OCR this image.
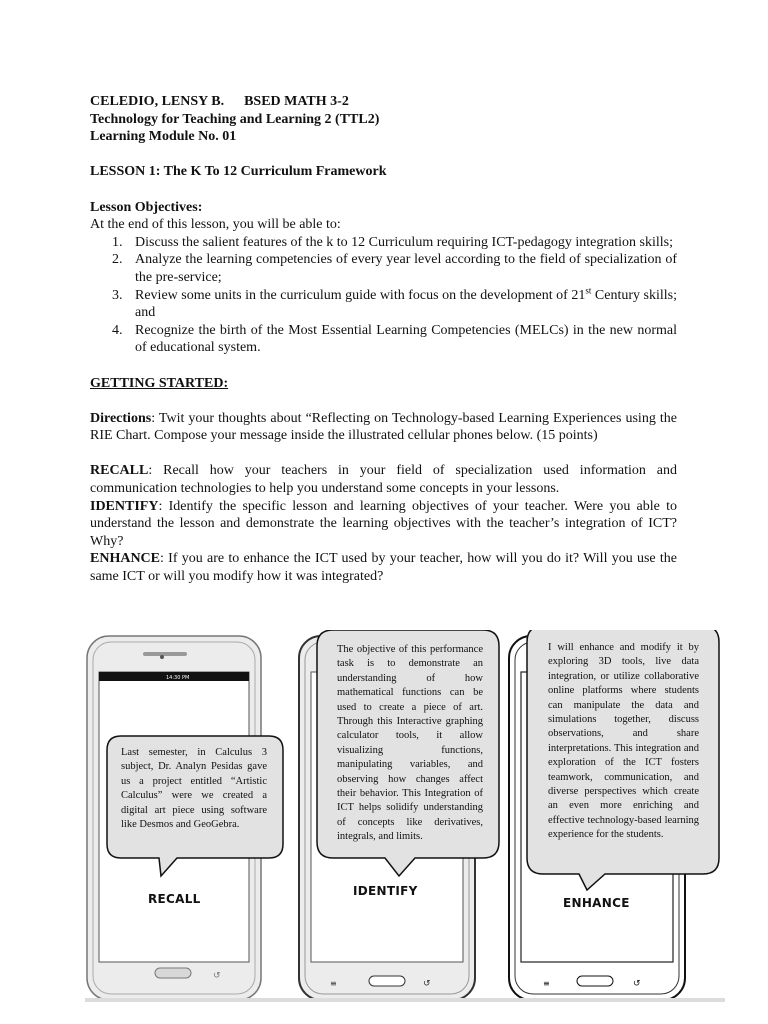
CELEDIO, LENSY B. BSED MATH 3-2
Technology for Teaching and Learning 2 (TTL2)
Learning Module No. 01
LESSON 1: The K To 12 Curriculum Framework
Lesson Objectives:
At the end of this lesson, you will be able to:
1. Discuss the salient features of the k to 12 Curriculum requiring ICT-pedagogy integration skills;
2. Analyze the learning competencies of every year level according to the field of specialization of the pre-service;
3. Review some units in the curriculum guide with focus on the development of 21st Century skills; and
4. Recognize the birth of the Most Essential Learning Competencies (MELCs) in the new normal of educational system.
GETTING STARTED:
Directions: Twit your thoughts about “Reflecting on Technology-based Learning Experiences using the RIE Chart. Compose your message inside the illustrated cellular phones below. (15 points)
RECALL: Recall how your teachers in your field of specialization used information and communication technologies to help you understand some concepts in your lessons.
IDENTIFY: Identify the specific lesson and learning objectives of your teacher. Were you able to understand the lesson and demonstrate the learning objectives with the teacher’s integration of ICT? Why?
ENHANCE: If you are to enhance the ICT used by your teacher, how will you do it? Will you use the same ICT or will you modify how it was integrated?
↺
≡	↺	≡	↺
14:30 PM
Last semester, in Calculus 3 subject, Dr. Analyn Pesidas gave us a project entitled “Artistic Calculus” were we created a digital art piece using software like Desmos and GeoGebra.
RECALL
The objective of this performance task is to demonstrate an understanding of how mathematical functions can be used to create a piece of art. Through this Interactive graphing calculator tools, it allow visualizing functions, manipulating variables, and observing how changes affect their behavior. This Integration of ICT helps solidify understanding of concepts like derivatives, integrals, and limits.
IDENTIFY
I will enhance and modify it by exploring 3D tools, live data integration, or utilize collaborative online platforms where students can manipulate the data and simulations together, discuss observations, and share interpretations. This integration and exploration of the ICT fosters teamwork, communication, and diverse perspectives which create an even more enriching and effective technology-based learning experience for the students.
ENHANCE
